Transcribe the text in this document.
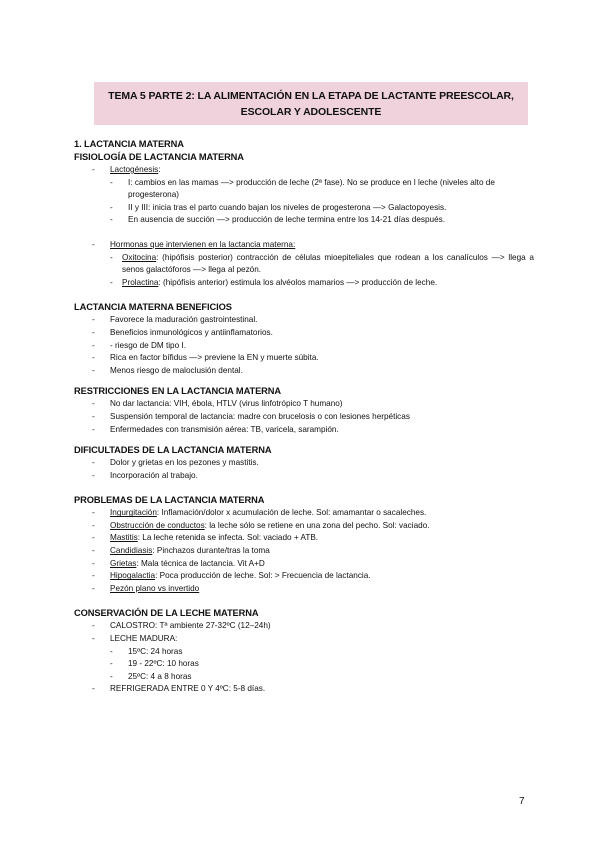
TEMA 5 PARTE 2: LA ALIMENTACIÓN EN LA ETAPA DE LACTANTE PREESCOLAR,
ESCOLAR Y ADOLESCENTE
1. LACTANCIA MATERNA
FISIOLOGÍA DE LACTANCIA MATERNA
- Lactogénesis:
- I: cambios en las mamas —> producción de leche (2ª fase). No se produce en l leche (niveles alto de progesterona)
- II y III: inicia tras el parto cuando bajan los niveles de progesterona —> Galactopoyesis.
- En ausencia de succión —> producción de leche termina entre los 14-21 días después.
- Hormonas que intervienen en la lactancia materna:
- Oxitocina: (hipófisis posterior) contracción de células mioepiteliales que rodean a los canalículos —> llega a senos galactóforos —> llega al pezón.
- Prolactina: (hipófisis anterior) estimula los alvéolos mamarios —> producción de leche.
LACTANCIA MATERNA BENEFICIOS
- Favorece la maduración gastrointestinal.
- Beneficios inmunológicos y antiinflamatorios.
- - riesgo de DM tipo I.
- Rica en factor bífidus —> previene la EN y muerte súbita.
- Menos riesgo de maloclusión dental.
RESTRICCIONES EN LA LACTANCIA MATERNA
- No dar lactancia: VIH, ébola, HTLV (virus linfotrópico T humano)
- Suspensión temporal de lactancia: madre con brucelosis o con lesiones herpéticas
- Enfermedades con transmisión aérea: TB, varicela, sarampión.
DIFICULTADES DE LA LACTANCIA MATERNA
- Dolor y grietas en los pezones y mastitis.
- Incorporación al trabajo.
PROBLEMAS DE LA LACTANCIA MATERNA
- Ingurgitación: Inflamación/dolor x acumulación de leche. Sol: amamantar o sacaleches.
- Obstrucción de conductos: la leche sólo se retiene en una zona del pecho. Sol: vaciado.
- Mastitis: La leche retenida se infecta. Sol: vaciado + ATB.
- Candidiasis: Pinchazos durante/tras la toma
- Grietas: Mala técnica de lactancia. Vit A+D
- Hipogalactia: Poca producción de leche. Sol: > Frecuencia de lactancia.
- Pezón plano vs invertido
CONSERVACIÓN DE LA LECHE MATERNA
- CALOSTRO: Tª ambiente 27-32ºC (12–24h)
- LECHE MADURA:
- 15ºC: 24 horas
- 19 - 22ºC: 10 horas
- 25ºC: 4 a 8 horas
- REFRIGERADA ENTRE 0 Y 4ºC: 5-8 días.
7
